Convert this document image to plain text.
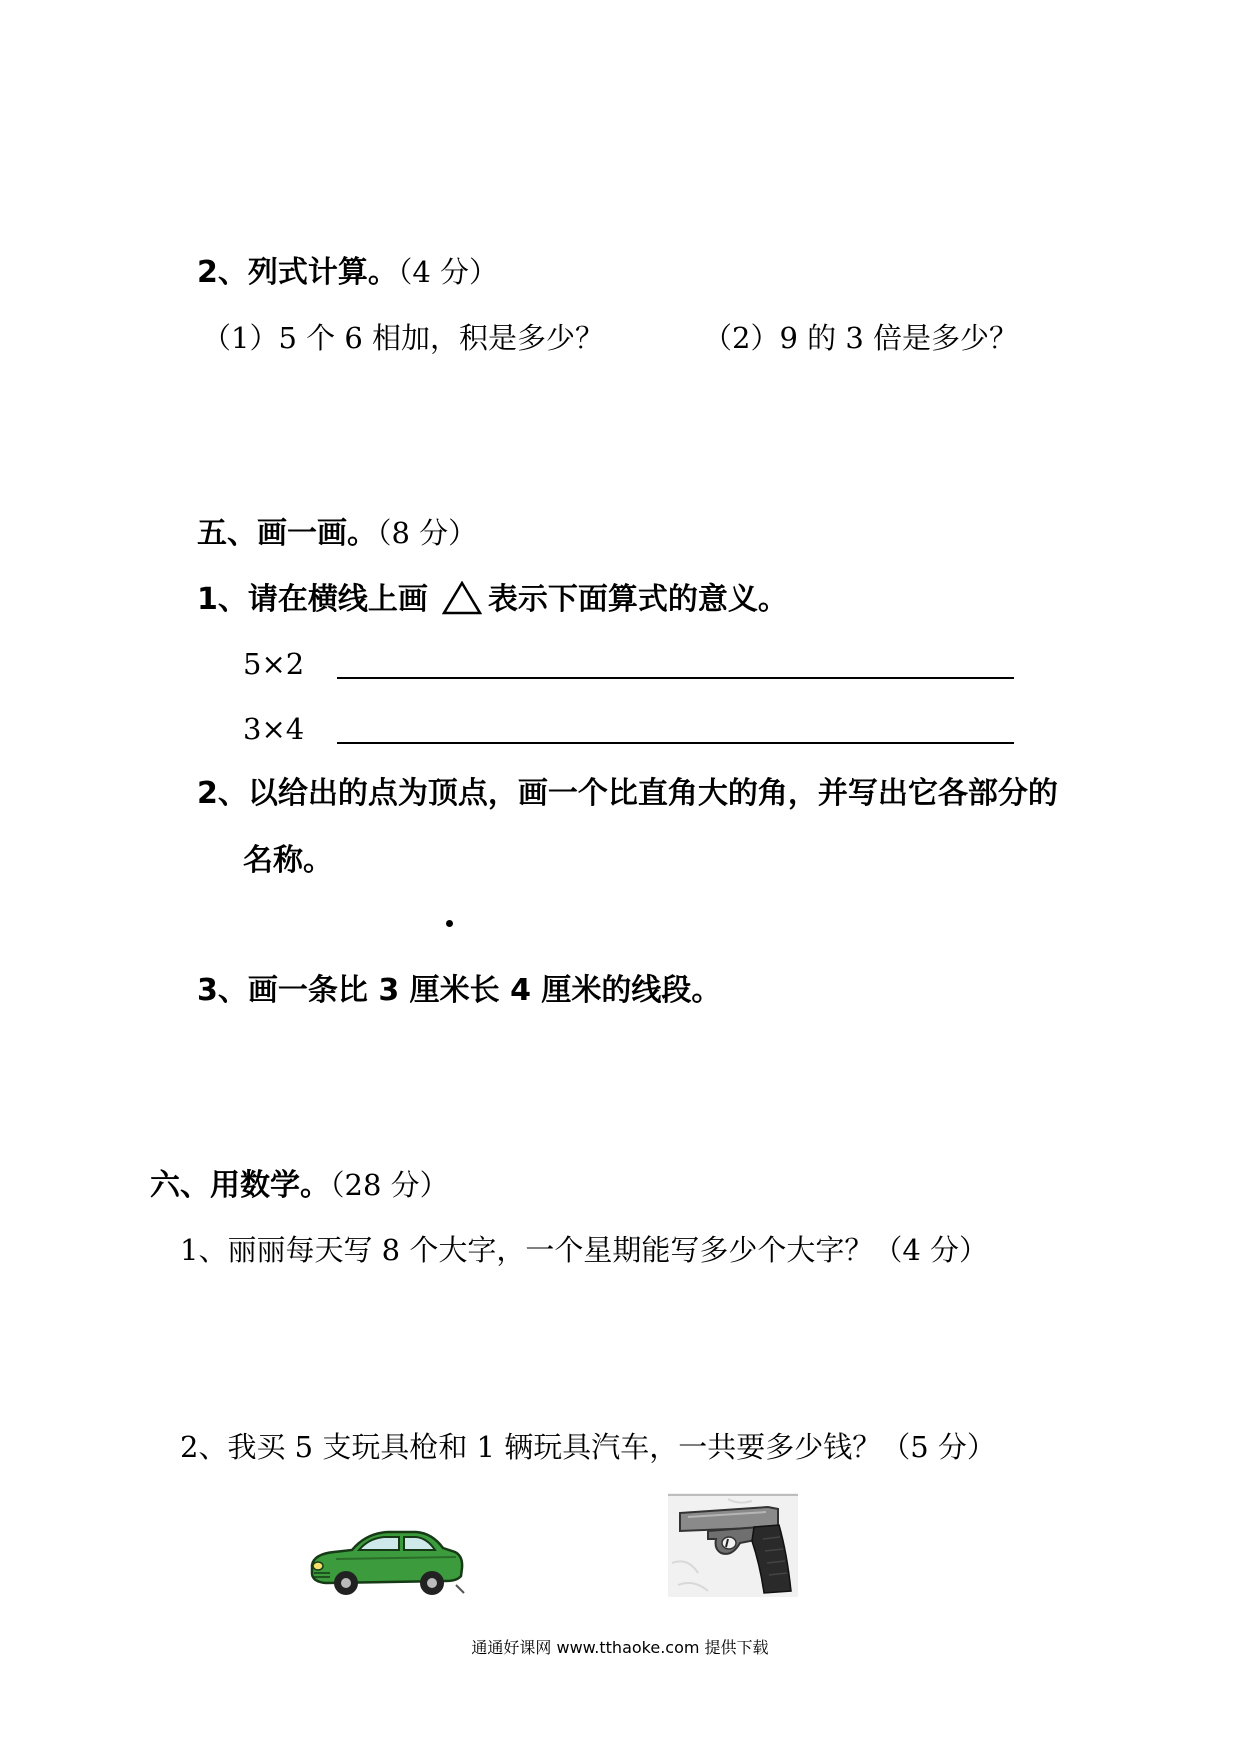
2、列式计算。（4 分）
（1）5 个 6 相加，积是多少？	（2）9 的 3 倍是多少？
五、画一画。（8 分）
1、请在横线上画 表示下面算式的意义。
5×2
3×4
2、以给出的点为顶点，画一个比直角大的角，并写出它各部分的
名称。
3、画一条比 3 厘米长 4 厘米的线段。
六、用数学。（28 分）
1、丽丽每天写 8 个大字，一个星期能写多少个大字？（4 分）
2、我买 5 支玩具枪和 1 辆玩具汽车，一共要多少钱？（5 分）
通通好课网 www.tthaoke.com 提供下载
